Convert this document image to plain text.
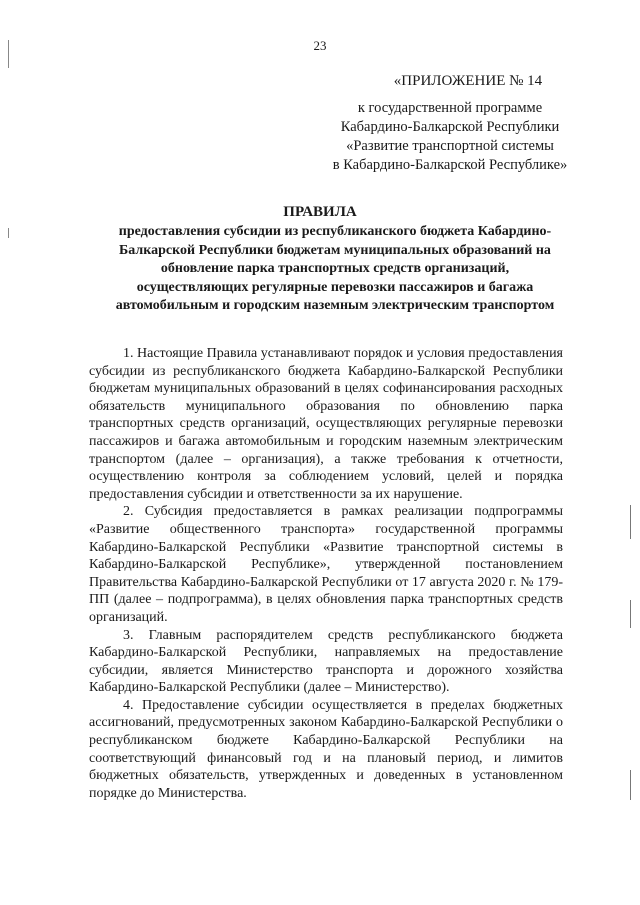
23
«ПРИЛОЖЕНИЕ № 14
к государственной программе
Кабардино-Балкарской Республики
«Развитие транспортной системы
в Кабардино-Балкарской Республике»
ПРАВИЛА
предоставления субсидии из республиканского бюджета Кабардино-Балкарской Республики бюджетам муниципальных образований на обновление парка транспортных средств организаций, осуществляющих регулярные перевозки пассажиров и багажа автомобильным и городским наземным электрическим транспортом

1. Настоящие Правила устанавливают порядок и условия предоставления субсидии из республиканского бюджета Кабардино-Балкарской Республики бюджетам муниципальных образований в целях софинансирования расходных обязательств муниципального образования по обновлению парка транспортных средств организаций, осуществляющих регулярные перевозки пассажиров и багажа автомобильным и городским наземным электрическим транспортом (далее – организация), а также требования к отчетности, осуществлению контроля за соблюдением условий, целей и порядка предоставления субсидии и ответственности за их нарушение.

2. Субсидия предоставляется в рамках реализации подпрограммы «Развитие общественного транспорта» государственной программы Кабардино-Балкарской Республики «Развитие транспортной системы в Кабардино-Балкарской Республике», утвержденной постановлением Правительства Кабардино-Балкарской Республики от 17 августа 2020 г. № 179-ПП (далее – подпрограмма), в целях обновления парка транспортных средств организаций.

3. Главным распорядителем средств республиканского бюджета Кабардино-Балкарской Республики, направляемых на предоставление субсидии, является Министерство транспорта и дорожного хозяйства Кабардино-Балкарской Республики (далее – Министерство).

4. Предоставление субсидии осуществляется в пределах бюджетных ассигнований, предусмотренных законом Кабардино-Балкарской Республики о республиканском бюджете Кабардино-Балкарской Республики на соответствующий финансовый год и на плановый период, и лимитов бюджетных обязательств, утвержденных и доведенных в установленном порядке до Министерства.
